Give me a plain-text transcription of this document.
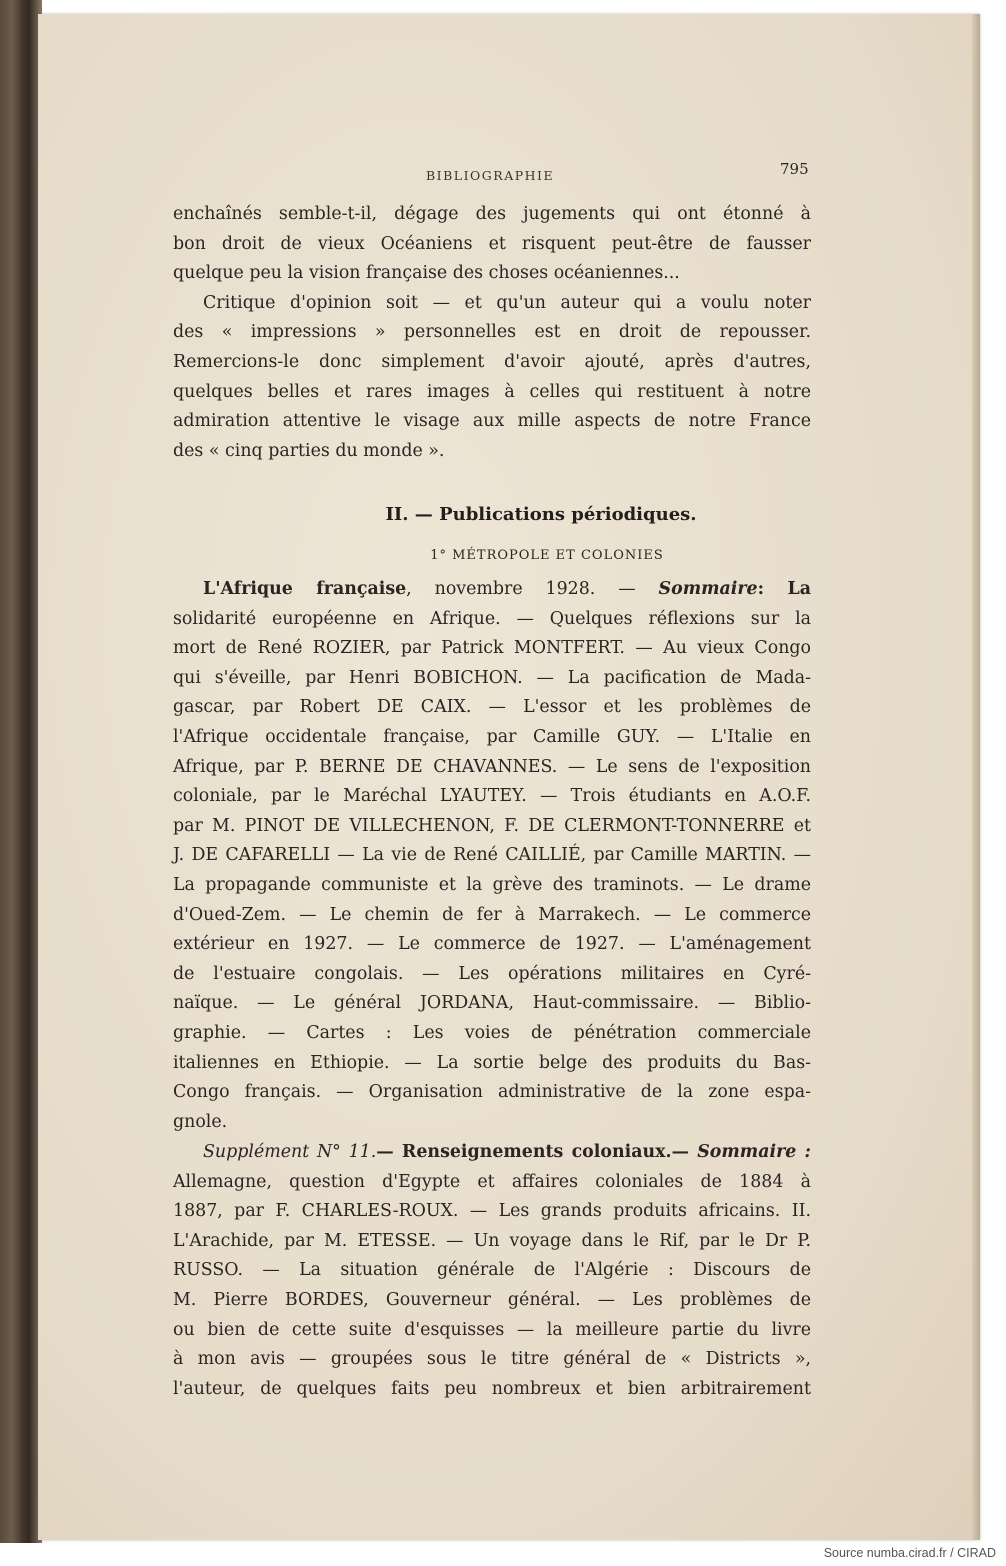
BIBLIOGRAPHIE	795
enchaînés semble-t-il, dégage des jugements qui ont étonné à
bon droit de vieux Océaniens et risquent peut-être de fausser
quelque peu la vision française des choses océaniennes...
Critique d'opinion soit — et qu'un auteur qui a voulu noter
des « impressions » personnelles est en droit de repousser.
Remercions-le donc simplement d'avoir ajouté, après d'autres,
quelques belles et rares images à celles qui restituent à notre
admiration attentive le visage aux mille aspects de notre France
des « cinq parties du monde ».
II. — Publications périodiques.
1° MÉTROPOLE ET COLONIES
L'Afrique française, novembre 1928. — Sommaire: La
solidarité européenne en Afrique. — Quelques réflexions sur la
mort de René ROZIER, par Patrick MONTFERT. — Au vieux Congo
qui s'éveille, par Henri BOBICHON. — La pacification de Mada-
gascar, par Robert DE CAIX. — L'essor et les problèmes de
l'Afrique occidentale française, par Camille GUY. — L'Italie en
Afrique, par P. BERNE DE CHAVANNES. — Le sens de l'exposition
coloniale, par le Maréchal LYAUTEY. — Trois étudiants en A.O.F.
par M. PINOT DE VILLECHENON, F. DE CLERMONT-TONNERRE et
J. DE CAFARELLI — La vie de René CAILLIÉ, par Camille MARTIN. —
La propagande communiste et la grève des traminots. — Le drame
d'Oued-Zem. — Le chemin de fer à Marrakech. — Le commerce
extérieur en 1927. — Le commerce de 1927. — L'aménagement
de l'estuaire congolais. — Les opérations militaires en Cyré-
naïque. — Le général JORDANA, Haut-commissaire. — Biblio-
graphie. — Cartes : Les voies de pénétration commerciale
italiennes en Ethiopie. — La sortie belge des produits du Bas-
Congo français. — Organisation administrative de la zone espa-
gnole.
Supplément N° 11.— Renseignements coloniaux.— Sommaire :
Allemagne, question d'Egypte et affaires coloniales de 1884 à
1887, par F. CHARLES-ROUX. — Les grands produits africains. II.
L'Arachide, par M. ETESSE. — Un voyage dans le Rif, par le Dr P.
RUSSO. — La situation générale de l'Algérie : Discours de
M. Pierre BORDES, Gouverneur général. — Les problèmes de
ou bien de cette suite d'esquisses — la meilleure partie du livre
à mon avis — groupées sous le titre général de « Districts »,
l'auteur, de quelques faits peu nombreux et bien arbitrairement
Source numba.cirad.fr / CIRAD
